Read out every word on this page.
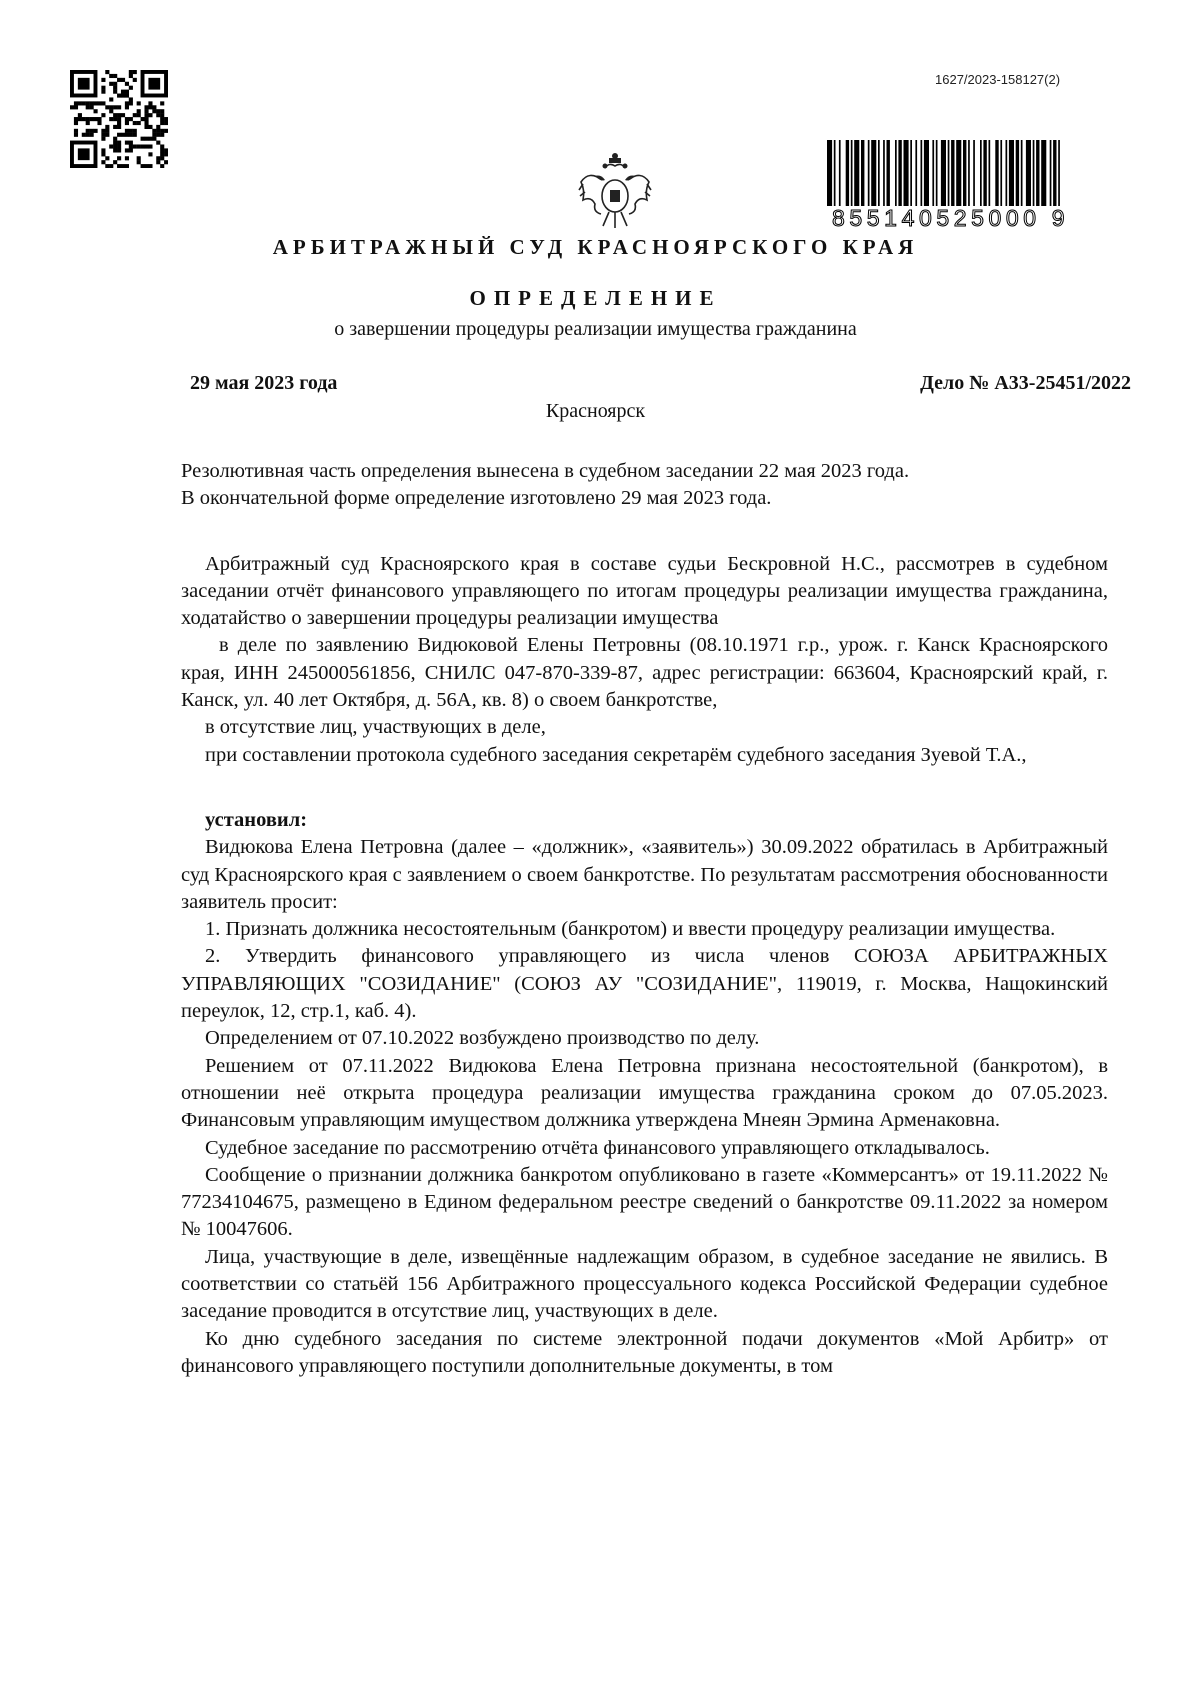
1627/2023-158127(2)
855140525000 9
АРБИТРАЖНЫЙ СУД КРАСНОЯРСКОГО КРАЯ
ОПРЕДЕЛЕНИЕ
о завершении процедуры реализации имущества гражданина
29 мая 2023 года	Дело № А33-25451/2022
Красноярск

Резолютивная часть определения вынесена в судебном заседании 22 мая 2023 года.

В окончательной форме определение изготовлено 29 мая 2023 года.

Арбитражный суд Красноярского края в составе судьи Бескровной Н.С., рассмотрев в судебном заседании отчёт финансового управляющего по итогам процедуры реализации имущества гражданина, ходатайство о завершении процедуры реализации имущества

в деле по заявлению Видюковой Елены Петровны (08.10.1971 г.р., урож. г. Канск Красноярского края, ИНН 245000561856, СНИЛС 047-870-339-87, адрес регистрации: 663604, Красноярский край, г. Канск, ул. 40 лет Октября, д. 56А, кв. 8) о своем банкротстве,

в отсутствие лиц, участвующих в деле,

при составлении протокола судебного заседания секретарём судебного заседания Зуевой Т.А.,

установил:

Видюкова Елена Петровна (далее – «должник», «заявитель») 30.09.2022 обратилась в Арбитражный суд Красноярского края с заявлением о своем банкротстве. По результатам рассмотрения обоснованности заявитель просит:

1. Признать должника несостоятельным (банкротом) и ввести процедуру реализации имущества.

2. Утвердить финансового управляющего из числа членов СОЮЗА АРБИТРАЖНЫХ УПРАВЛЯЮЩИХ "СОЗИДАНИЕ" (СОЮЗ АУ "СОЗИДАНИЕ", 119019, г. Москва, Нащокинский переулок, 12, стр.1, каб. 4).

Определением от 07.10.2022 возбуждено производство по делу.

Решением от 07.11.2022 Видюкова Елена Петровна признана несостоятельной (банкротом), в отношении неё открыта процедура реализации имущества гражданина сроком до 07.05.2023. Финансовым управляющим имуществом должника утверждена Мнеян Эрмина Арменаковна.

Судебное заседание по рассмотрению отчёта финансового управляющего откладывалось.

Сообщение о признании должника банкротом опубликовано в газете «Коммерсантъ» от 19.11.2022 № 77234104675, размещено в Едином федеральном реестре сведений о банкротстве 09.11.2022 за номером № 10047606.

Лица, участвующие в деле, извещённые надлежащим образом, в судебное заседание не явились. В соответствии со статьёй 156 Арбитражного процессуального кодекса Российской Федерации судебное заседание проводится в отсутствие лиц, участвующих в деле.

Ко дню судебного заседания по системе электронной подачи документов «Мой Арбитр» от финансового управляющего поступили дополнительные документы, в том
